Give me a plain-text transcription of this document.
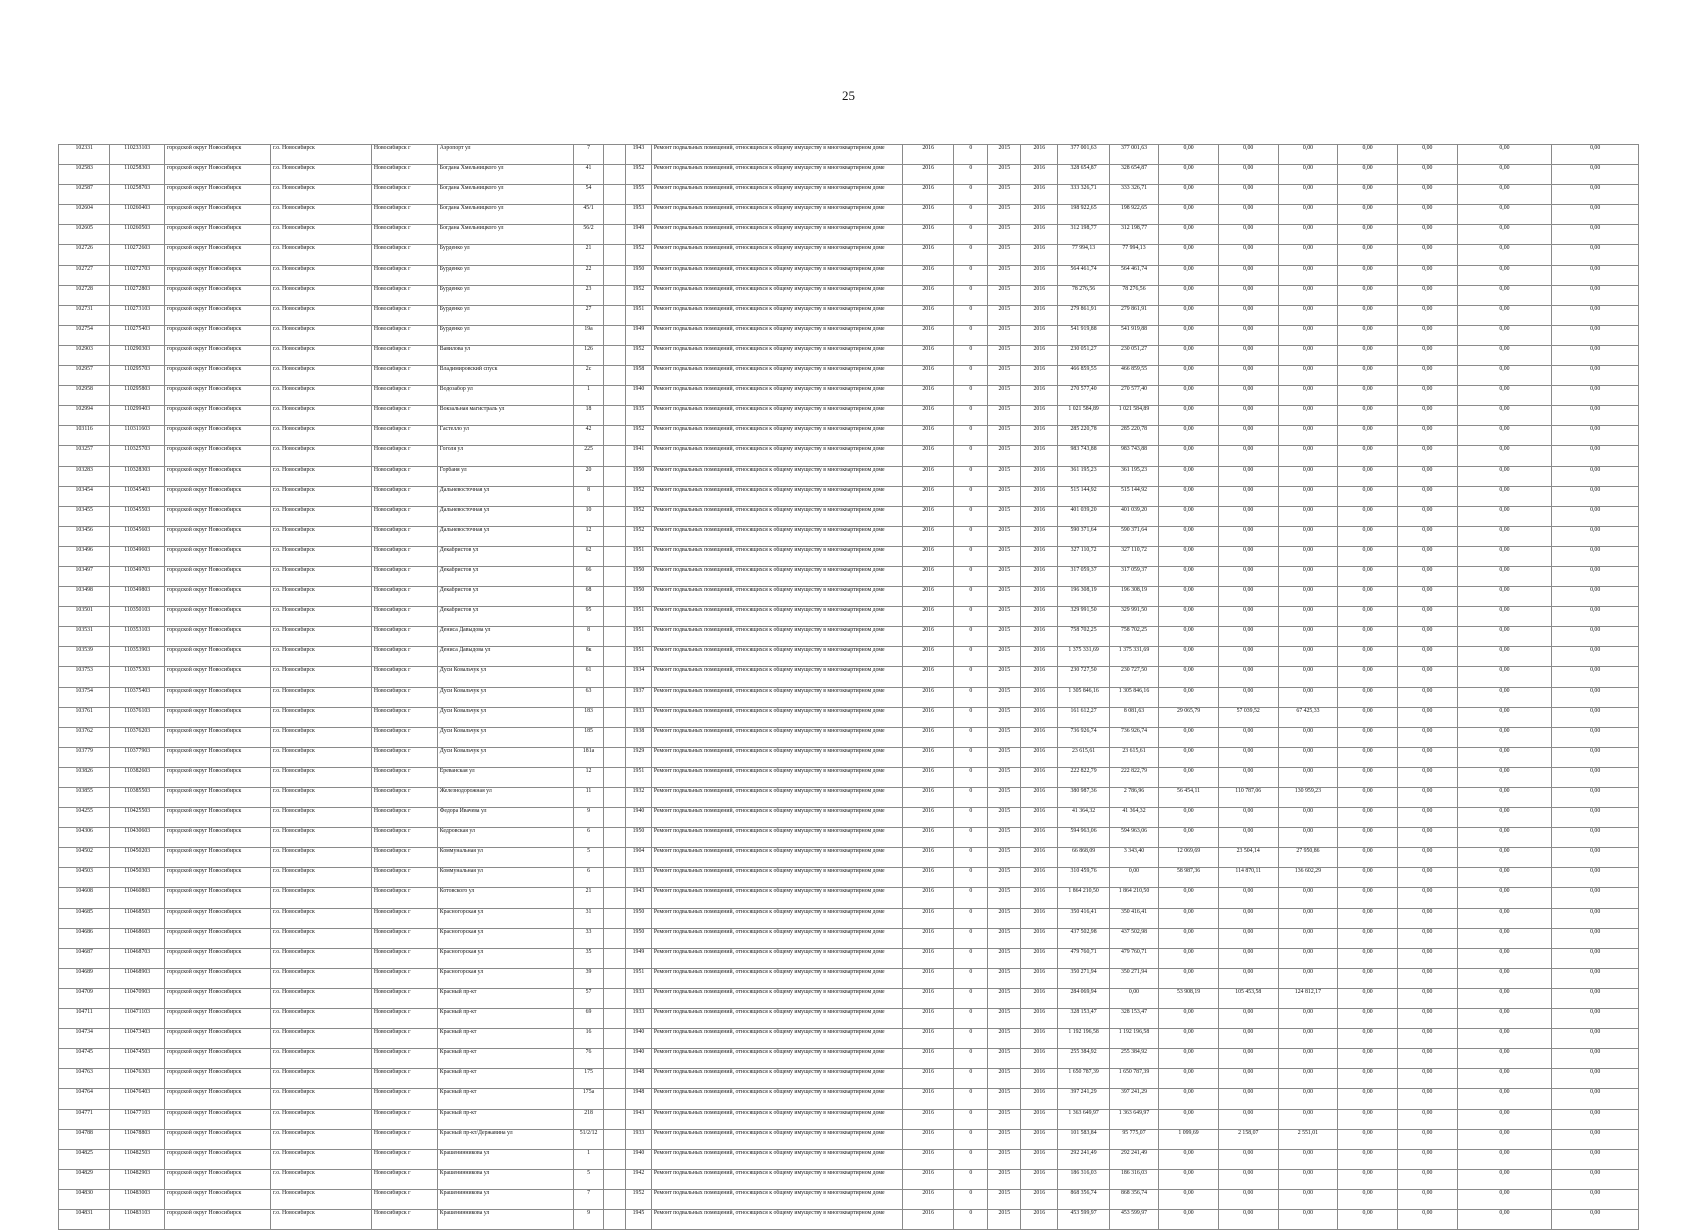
25
102331	110233103	городской округ Новосибирск	г.о. Новосибирск	Новосибирск г	Аэропорт ул	7		1943	Ремонт подвальных помещений, относящихся к общему имуществу в многоквартирном доме	2016	0	2015	2016	377 001,63	377 001,63	0,00	0,00	0,00	0,00	0,00	0,00	0,00
102583	110258303	городской округ Новосибирск	г.о. Новосибирск	Новосибирск г	Богдана Хмельницкого ул	41		1952	Ремонт подвальных помещений, относящихся к общему имуществу в многоквартирном доме	2016	0	2015	2016	328 654,87	328 654,87	0,00	0,00	0,00	0,00	0,00	0,00	0,00
102587	110258703	городской округ Новосибирск	г.о. Новосибирск	Новосибирск г	Богдана Хмельницкого ул	54		1955	Ремонт подвальных помещений, относящихся к общему имуществу в многоквартирном доме	2016	0	2015	2016	333 326,71	333 326,71	0,00	0,00	0,00	0,00	0,00	0,00	0,00
102604	110260403	городской округ Новосибирск	г.о. Новосибирск	Новосибирск г	Богдана Хмельницкого ул	45/1		1953	Ремонт подвальных помещений, относящихся к общему имуществу в многоквартирном доме	2016	0	2015	2016	198 922,65	198 922,65	0,00	0,00	0,00	0,00	0,00	0,00	0,00
102605	110260503	городской округ Новосибирск	г.о. Новосибирск	Новосибирск г	Богдана Хмельницкого ул	56/2		1949	Ремонт подвальных помещений, относящихся к общему имуществу в многоквартирном доме	2016	0	2015	2016	312 198,77	312 198,77	0,00	0,00	0,00	0,00	0,00	0,00	0,00
102726	110272603	городской округ Новосибирск	г.о. Новосибирск	Новосибирск г	Бурденко ул	21		1952	Ремонт подвальных помещений, относящихся к общему имуществу в многоквартирном доме	2016	0	2015	2016	77 994,13	77 994,13	0,00	0,00	0,00	0,00	0,00	0,00	0,00
102727	110272703	городской округ Новосибирск	г.о. Новосибирск	Новосибирск г	Бурденко ул	22		1950	Ремонт подвальных помещений, относящихся к общему имуществу в многоквартирном доме	2016	0	2015	2016	564 461,74	564 461,74	0,00	0,00	0,00	0,00	0,00	0,00	0,00
102728	110272803	городской округ Новосибирск	г.о. Новосибирск	Новосибирск г	Бурденко ул	23		1952	Ремонт подвальных помещений, относящихся к общему имуществу в многоквартирном доме	2016	0	2015	2016	78 276,56	78 276,56	0,00	0,00	0,00	0,00	0,00	0,00	0,00
102731	110273103	городской округ Новосибирск	г.о. Новосибирск	Новосибирск г	Бурденко ул	27		1951	Ремонт подвальных помещений, относящихся к общему имуществу в многоквартирном доме	2016	0	2015	2016	279 861,91	279 861,91	0,00	0,00	0,00	0,00	0,00	0,00	0,00
102754	110275403	городской округ Новосибирск	г.о. Новосибирск	Новосибирск г	Бурденко ул	19а		1949	Ремонт подвальных помещений, относящихся к общему имуществу в многоквартирном доме	2016	0	2015	2016	541 919,88	541 919,88	0,00	0,00	0,00	0,00	0,00	0,00	0,00
102903	110290303	городской округ Новосибирск	г.о. Новосибирск	Новосибирск г	Вавилова ул	126		1952	Ремонт подвальных помещений, относящихся к общему имуществу в многоквартирном доме	2016	0	2015	2016	230 051,27	230 051,27	0,00	0,00	0,00	0,00	0,00	0,00	0,00
102957	110295703	городской округ Новосибирск	г.о. Новосибирск	Новосибирск г	Владимировский спуск	2с		1958	Ремонт подвальных помещений, относящихся к общему имуществу в многоквартирном доме	2016	0	2015	2016	466 859,55	466 859,55	0,00	0,00	0,00	0,00	0,00	0,00	0,00
102958	110295803	городской округ Новосибирск	г.о. Новосибирск	Новосибирск г	Водозабор ул	1		1940	Ремонт подвальных помещений, относящихся к общему имуществу в многоквартирном доме	2016	0	2015	2016	270 577,40	270 577,40	0,00	0,00	0,00	0,00	0,00	0,00	0,00
102994	110299403	городской округ Новосибирск	г.о. Новосибирск	Новосибирск г	Вокзальная магистраль ул	18		1935	Ремонт подвальных помещений, относящихся к общему имуществу в многоквартирном доме	2016	0	2015	2016	1 021 584,89	1 021 584,89	0,00	0,00	0,00	0,00	0,00	0,00	0,00
103116	110311603	городской округ Новосибирск	г.о. Новосибирск	Новосибирск г	Гастелло ул	42		1952	Ремонт подвальных помещений, относящихся к общему имуществу в многоквартирном доме	2016	0	2015	2016	285 220,78	285 220,78	0,00	0,00	0,00	0,00	0,00	0,00	0,00
103257	110325703	городской округ Новосибирск	г.о. Новосибирск	Новосибирск г	Гоголя ул	225		1941	Ремонт подвальных помещений, относящихся к общему имуществу в многоквартирном доме	2016	0	2015	2016	983 743,88	983 743,88	0,00	0,00	0,00	0,00	0,00	0,00	0,00
103283	110328303	городской округ Новосибирск	г.о. Новосибирск	Новосибирск г	Горбаня ул	20		1950	Ремонт подвальных помещений, относящихся к общему имуществу в многоквартирном доме	2016	0	2015	2016	361 195,23	361 195,23	0,00	0,00	0,00	0,00	0,00	0,00	0,00
103454	110345403	городской округ Новосибирск	г.о. Новосибирск	Новосибирск г	Дальневосточная ул	8		1952	Ремонт подвальных помещений, относящихся к общему имуществу в многоквартирном доме	2016	0	2015	2016	515 144,92	515 144,92	0,00	0,00	0,00	0,00	0,00	0,00	0,00
103455	110345503	городской округ Новосибирск	г.о. Новосибирск	Новосибирск г	Дальневосточная ул	10		1952	Ремонт подвальных помещений, относящихся к общему имуществу в многоквартирном доме	2016	0	2015	2016	401 039,20	401 039,20	0,00	0,00	0,00	0,00	0,00	0,00	0,00
103456	110345603	городской округ Новосибирск	г.о. Новосибирск	Новосибирск г	Дальневосточная ул	12		1952	Ремонт подвальных помещений, относящихся к общему имуществу в многоквартирном доме	2016	0	2015	2016	590 371,64	590 371,64	0,00	0,00	0,00	0,00	0,00	0,00	0,00
103496	110349603	городской округ Новосибирск	г.о. Новосибирск	Новосибирск г	Декабристов ул	62		1951	Ремонт подвальных помещений, относящихся к общему имуществу в многоквартирном доме	2016	0	2015	2016	327 110,72	327 110,72	0,00	0,00	0,00	0,00	0,00	0,00	0,00
103497	110349703	городской округ Новосибирск	г.о. Новосибирск	Новосибирск г	Декабристов ул	66		1950	Ремонт подвальных помещений, относящихся к общему имуществу в многоквартирном доме	2016	0	2015	2016	317 059,37	317 059,37	0,00	0,00	0,00	0,00	0,00	0,00	0,00
103498	110349803	городской округ Новосибирск	г.о. Новосибирск	Новосибирск г	Декабристов ул	68		1950	Ремонт подвальных помещений, относящихся к общему имуществу в многоквартирном доме	2016	0	2015	2016	196 308,19	196 308,19	0,00	0,00	0,00	0,00	0,00	0,00	0,00
103501	110350103	городской округ Новосибирск	г.о. Новосибирск	Новосибирск г	Декабристов ул	95		1951	Ремонт подвальных помещений, относящихся к общему имуществу в многоквартирном доме	2016	0	2015	2016	329 991,50	329 991,50	0,00	0,00	0,00	0,00	0,00	0,00	0,00
103531	110353103	городской округ Новосибирск	г.о. Новосибирск	Новосибирск г	Дениса Давыдова ул	8		1951	Ремонт подвальных помещений, относящихся к общему имуществу в многоквартирном доме	2016	0	2015	2016	758 702,25	758 702,25	0,00	0,00	0,00	0,00	0,00	0,00	0,00
103539	110353903	городской округ Новосибирск	г.о. Новосибирск	Новосибирск г	Дениса Давыдова ул	8к		1951	Ремонт подвальных помещений, относящихся к общему имуществу в многоквартирном доме	2016	0	2015	2016	1 375 331,69	1 375 331,69	0,00	0,00	0,00	0,00	0,00	0,00	0,00
103753	110375303	городской округ Новосибирск	г.о. Новосибирск	Новосибирск г	Дуси Ковальчук ул	61		1934	Ремонт подвальных помещений, относящихся к общему имуществу в многоквартирном доме	2016	0	2015	2016	230 727,50	230 727,50	0,00	0,00	0,00	0,00	0,00	0,00	0,00
103754	110375403	городской округ Новосибирск	г.о. Новосибирск	Новосибирск г	Дуси Ковальчук ул	63		1937	Ремонт подвальных помещений, относящихся к общему имуществу в многоквартирном доме	2016	0	2015	2016	1 305 846,16	1 305 846,16	0,00	0,00	0,00	0,00	0,00	0,00	0,00
103761	110376103	городской округ Новосибирск	г.о. Новосибирск	Новосибирск г	Дуси Ковальчук ул	183		1933	Ремонт подвальных помещений, относящихся к общему имуществу в многоквартирном доме	2016	0	2015	2016	161 612,27	8 081,63	29 065,79	57 039,52	67 425,33	0,00	0,00	0,00	0,00
103762	110376203	городской округ Новосибирск	г.о. Новосибирск	Новосибирск г	Дуси Ковальчук ул	185		1938	Ремонт подвальных помещений, относящихся к общему имуществу в многоквартирном доме	2016	0	2015	2016	736 926,74	736 926,74	0,00	0,00	0,00	0,00	0,00	0,00	0,00
103779	110377903	городской округ Новосибирск	г.о. Новосибирск	Новосибирск г	Дуси Ковальчук ул	181а		1929	Ремонт подвальных помещений, относящихся к общему имуществу в многоквартирном доме	2016	0	2015	2016	23 615,61	23 615,61	0,00	0,00	0,00	0,00	0,00	0,00	0,00
103826	110382603	городской округ Новосибирск	г.о. Новосибирск	Новосибирск г	Ереванская ул	12		1951	Ремонт подвальных помещений, относящихся к общему имуществу в многоквартирном доме	2016	0	2015	2016	222 822,79	222 822,79	0,00	0,00	0,00	0,00	0,00	0,00	0,00
103855	110385503	городской округ Новосибирск	г.о. Новосибирск	Новосибирск г	Железнодорожная ул	11		1932	Ремонт подвальных помещений, относящихся к общему имуществу в многоквартирном доме	2016	0	2015	2016	380 987,36	2 786,96	56 454,11	110 787,06	130 959,23	0,00	0,00	0,00	0,00
104255	110425503	городской округ Новосибирск	г.о. Новосибирск	Новосибирск г	Федора Ивачева ул	9		1940	Ремонт подвальных помещений, относящихся к общему имуществу в многоквартирном доме	2016	0	2015	2016	41 364,32	41 364,32	0,00	0,00	0,00	0,00	0,00	0,00	0,00
104306	110430603	городской округ Новосибирск	г.о. Новосибирск	Новосибирск г	Кедровская ул	6		1950	Ремонт подвальных помещений, относящихся к общему имуществу в многоквартирном доме	2016	0	2015	2016	594 963,06	594 963,06	0,00	0,00	0,00	0,00	0,00	0,00	0,00
104502	110450203	городской округ Новосибирск	г.о. Новосибирск	Новосибирск г	Коммунальная ул	5		1904	Ремонт подвальных помещений, относящихся к общему имуществу в многоквартирном доме	2016	0	2015	2016	66 868,09	3 343,40	12 069,69	23 504,14	27 950,86	0,00	0,00	0,00	0,00
104503	110450303	городской округ Новосибирск	г.о. Новосибирск	Новосибирск г	Коммунальная ул	6		1933	Ремонт подвальных помещений, относящихся к общему имуществу в многоквартирном доме	2016	0	2015	2016	310 459,76	0,00	58 987,36	114 870,11	136 602,29	0,00	0,00	0,00	0,00
104608	110460803	городской округ Новосибирск	г.о. Новосибирск	Новосибирск г	Котовского ул	21		1943	Ремонт подвальных помещений, относящихся к общему имуществу в многоквартирном доме	2016	0	2015	2016	1 864 210,50	1 864 210,50	0,00	0,00	0,00	0,00	0,00	0,00	0,00
104685	110468503	городской округ Новосибирск	г.о. Новосибирск	Новосибирск г	Красногорская ул	31		1950	Ремонт подвальных помещений, относящихся к общему имуществу в многоквартирном доме	2016	0	2015	2016	350 416,41	350 416,41	0,00	0,00	0,00	0,00	0,00	0,00	0,00
104686	110468603	городской округ Новосибирск	г.о. Новосибирск	Новосибирск г	Красногорская ул	33		1950	Ремонт подвальных помещений, относящихся к общему имуществу в многоквартирном доме	2016	0	2015	2016	437 502,98	437 502,98	0,00	0,00	0,00	0,00	0,00	0,00	0,00
104687	110468703	городской округ Новосибирск	г.о. Новосибирск	Новосибирск г	Красногорская ул	35		1949	Ремонт подвальных помещений, относящихся к общему имуществу в многоквартирном доме	2016	0	2015	2016	479 760,71	479 760,71	0,00	0,00	0,00	0,00	0,00	0,00	0,00
104689	110468903	городской округ Новосибирск	г.о. Новосибирск	Новосибирск г	Красногорская ул	39		1951	Ремонт подвальных помещений, относящихся к общему имуществу в многоквартирном доме	2016	0	2015	2016	350 271,94	350 271,94	0,00	0,00	0,00	0,00	0,00	0,00	0,00
104709	110470903	городской округ Новосибирск	г.о. Новосибирск	Новосибирск г	Красный пр-кт	57		1933	Ремонт подвальных помещений, относящихся к общему имуществу в многоквартирном доме	2016	0	2015	2016	284 069,94	0,00	53 908,19	105 453,58	124 812,17	0,00	0,00	0,00	0,00
104711	110471103	городской округ Новосибирск	г.о. Новосибирск	Новосибирск г	Красный пр-кт	69		1933	Ремонт подвальных помещений, относящихся к общему имуществу в многоквартирном доме	2016	0	2015	2016	328 153,47	328 153,47	0,00	0,00	0,00	0,00	0,00	0,00	0,00
104734	110473403	городской округ Новосибирск	г.о. Новосибирск	Новосибирск г	Красный пр-кт	16		1940	Ремонт подвальных помещений, относящихся к общему имуществу в многоквартирном доме	2016	0	2015	2016	1 192 196,58	1 192 196,58	0,00	0,00	0,00	0,00	0,00	0,00	0,00
104745	110474503	городской округ Новосибирск	г.о. Новосибирск	Новосибирск г	Красный пр-кт	76		1940	Ремонт подвальных помещений, относящихся к общему имуществу в многоквартирном доме	2016	0	2015	2016	255 384,92	255 384,92	0,00	0,00	0,00	0,00	0,00	0,00	0,00
104763	110476303	городской округ Новосибирск	г.о. Новосибирск	Новосибирск г	Красный пр-кт	175		1948	Ремонт подвальных помещений, относящихся к общему имуществу в многоквартирном доме	2016	0	2015	2016	1 650 787,39	1 650 787,39	0,00	0,00	0,00	0,00	0,00	0,00	0,00
104764	110476403	городской округ Новосибирск	г.о. Новосибирск	Новосибирск г	Красный пр-кт	175а		1948	Ремонт подвальных помещений, относящихся к общему имуществу в многоквартирном доме	2016	0	2015	2016	397 241,29	397 241,29	0,00	0,00	0,00	0,00	0,00	0,00	0,00
104771	110477103	городской округ Новосибирск	г.о. Новосибирск	Новосибирск г	Красный пр-кт	218		1943	Ремонт подвальных помещений, относящихся к общему имуществу в многоквартирном доме	2016	0	2015	2016	1 363 649,97	1 363 649,97	0,00	0,00	0,00	0,00	0,00	0,00	0,00
104788	110478803	городской округ Новосибирск	г.о. Новосибирск	Новосибирск г	Красный пр-кт/Державина ул	51/2/12		1933	Ремонт подвальных помещений, относящихся к общему имуществу в многоквартирном доме	2016	0	2015	2016	101 583,84	95 775,07	1 099,69	2 158,07	2 551,01	0,00	0,00	0,00	0,00
104825	110482503	городской округ Новосибирск	г.о. Новосибирск	Новосибирск г	Крашенинникова ул	1		1940	Ремонт подвальных помещений, относящихся к общему имуществу в многоквартирном доме	2016	0	2015	2016	292 241,49	292 241,49	0,00	0,00	0,00	0,00	0,00	0,00	0,00
104829	110482903	городской округ Новосибирск	г.о. Новосибирск	Новосибирск г	Крашенинникова ул	5		1942	Ремонт подвальных помещений, относящихся к общему имуществу в многоквартирном доме	2016	0	2015	2016	186 316,03	186 316,03	0,00	0,00	0,00	0,00	0,00	0,00	0,00
104830	110483003	городской округ Новосибирск	г.о. Новосибирск	Новосибирск г	Крашенинникова ул	7		1952	Ремонт подвальных помещений, относящихся к общему имуществу в многоквартирном доме	2016	0	2015	2016	868 356,74	868 356,74	0,00	0,00	0,00	0,00	0,00	0,00	0,00
104831	110483103	городской округ Новосибирск	г.о. Новосибирск	Новосибирск г	Крашенинникова ул	9		1945	Ремонт подвальных помещений, относящихся к общему имуществу в многоквартирном доме	2016	0	2015	2016	453 599,97	453 599,97	0,00	0,00	0,00	0,00	0,00	0,00	0,00
